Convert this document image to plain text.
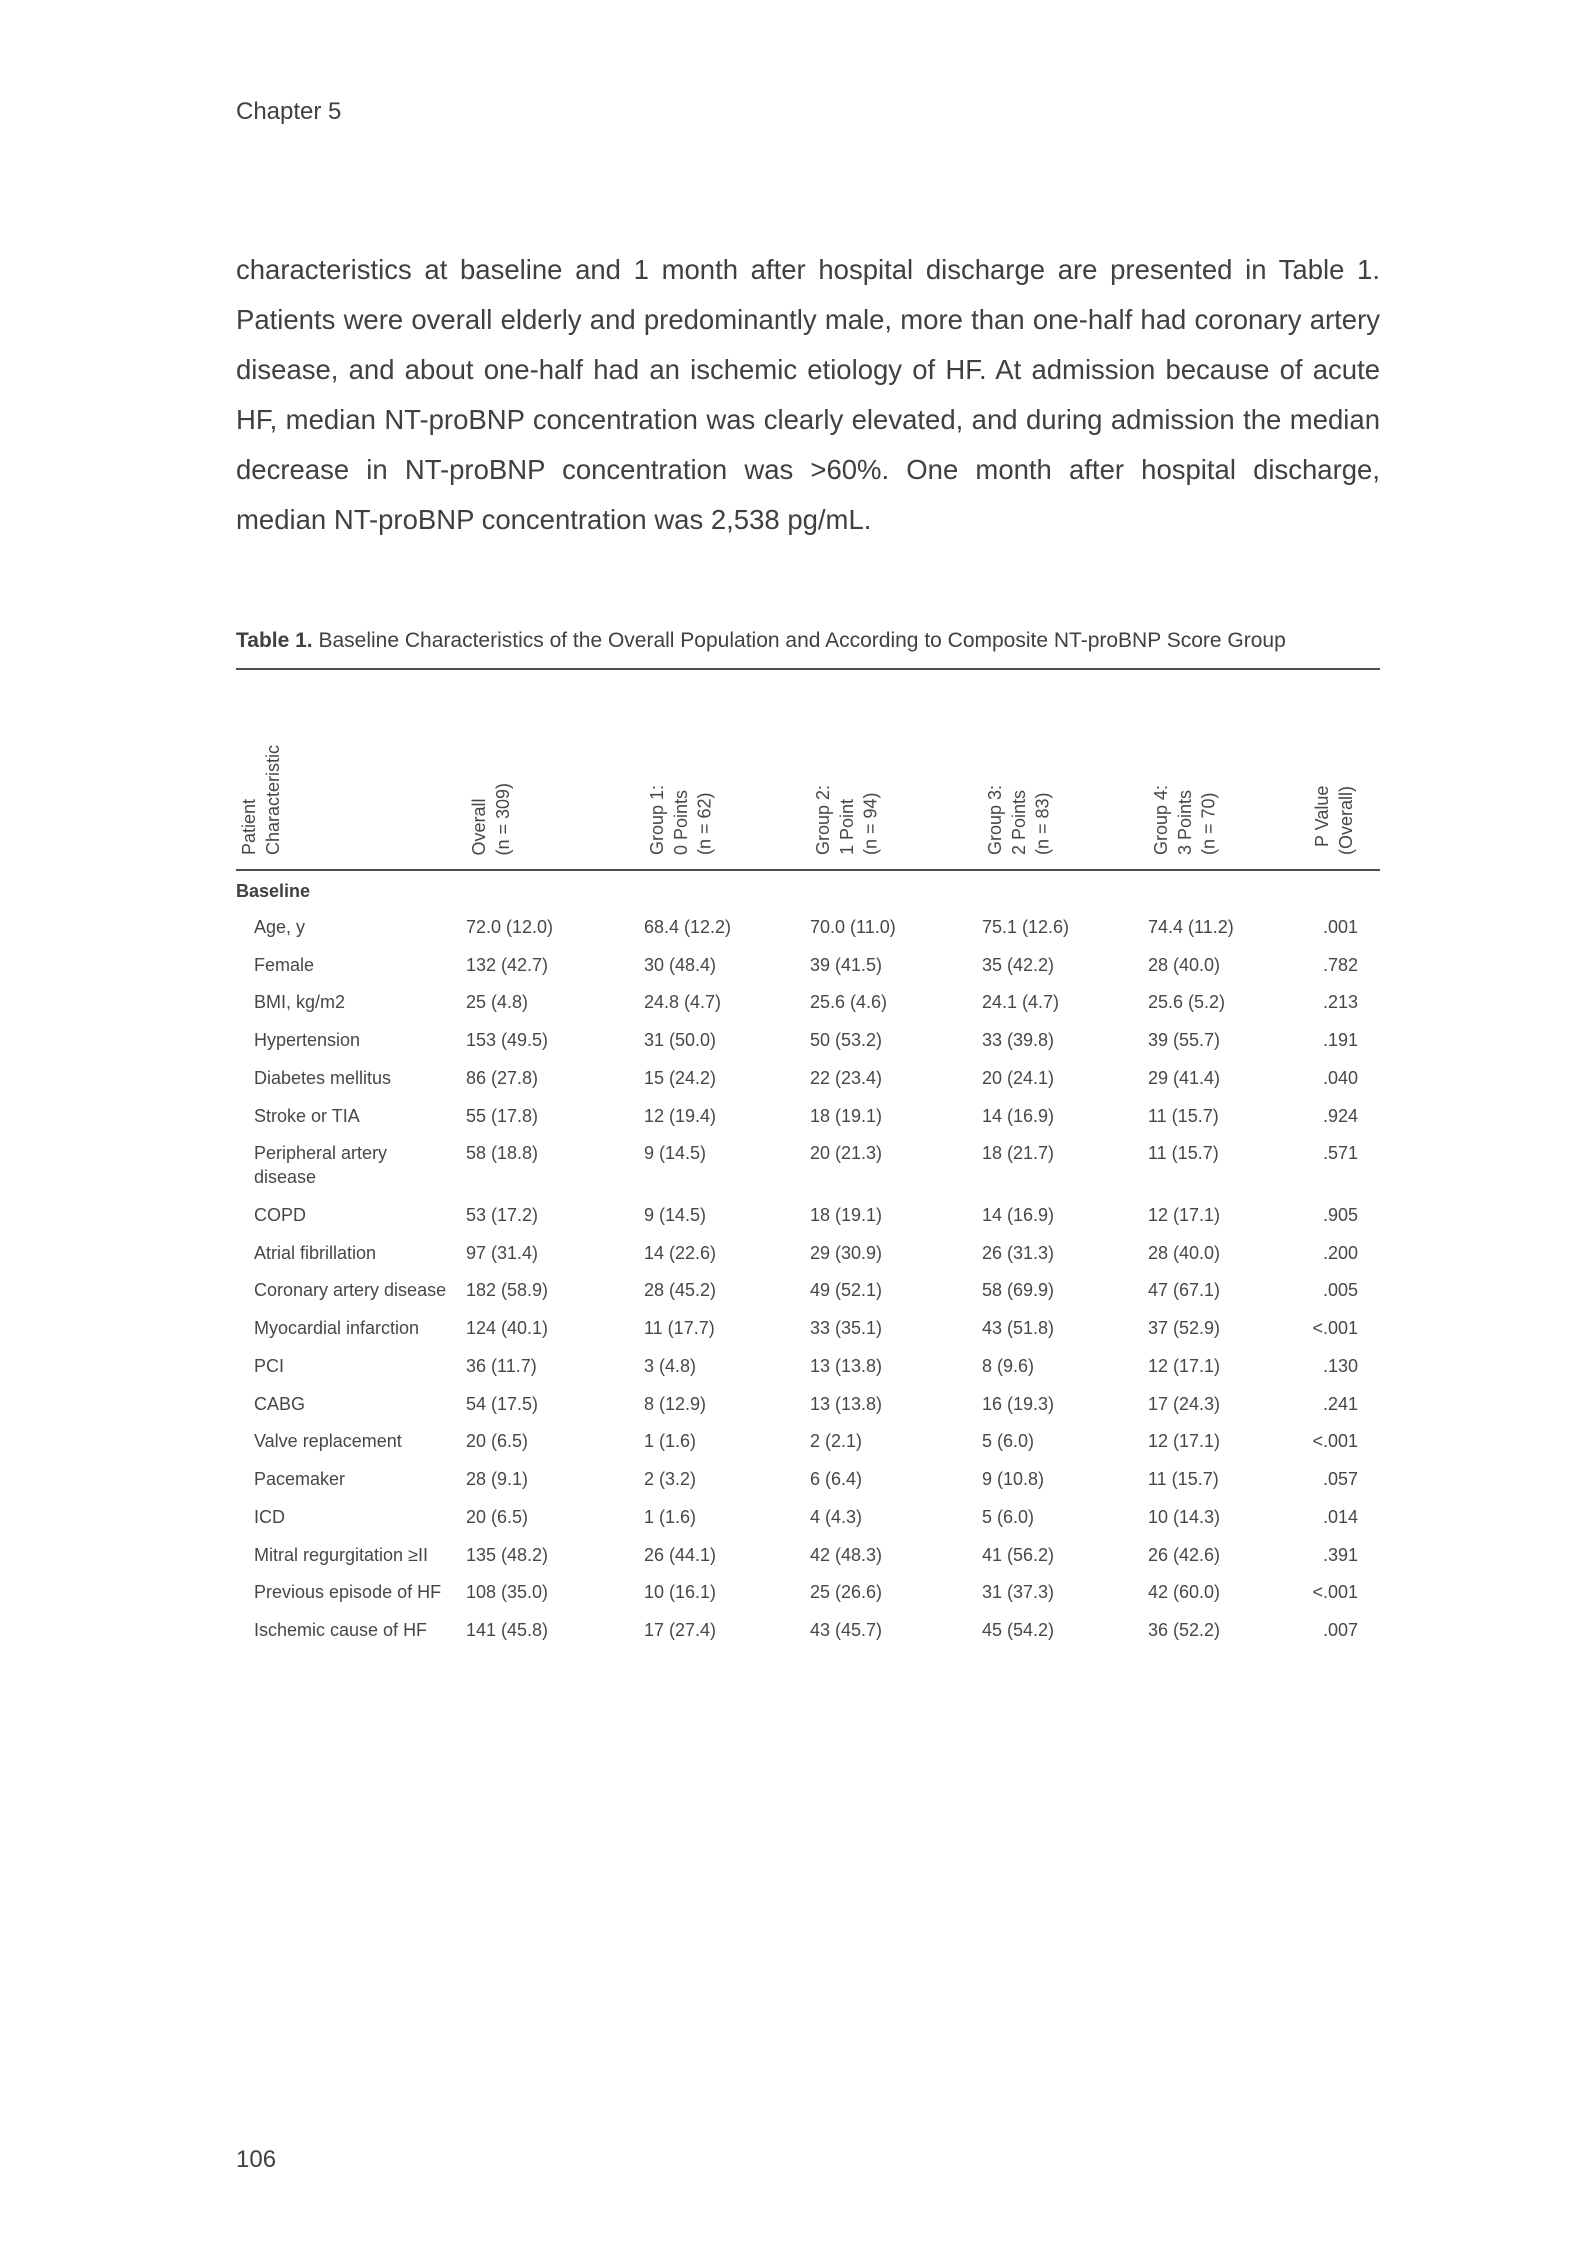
Chapter 5

characteristics at baseline and 1 month after hospital discharge are presented in Table 1. Patients were overall elderly and predominantly male, more than one-half had coronary artery disease, and about one-half had an ischemic etiology of HF. At admission because of acute HF, median NT-proBNP concentration was clearly elevated, and during admission the median decrease in NT-proBNP concentration was >60%. One month after hospital discharge, median NT-proBNP concentration was 2,538 pg/mL.

Table 1. Baseline Characteristics of the Overall Population and According to Composite NT-proBNP Score Group

Patient Characteristic	Overall (n = 309)	Group 1: 0 Points (n = 62)	Group 2: 1 Point (n = 94)	Group 3: 2 Points (n = 83)	Group 4: 3 Points (n = 70)	P Value (Overall)

Baseline						
Age, y	72.0 (12.0)	68.4 (12.2)	70.0 (11.0)	75.1 (12.6)	74.4 (11.2)	.001
Female	132 (42.7)	30 (48.4)	39 (41.5)	35 (42.2)	28 (40.0)	.782
BMI, kg/m2	25 (4.8)	24.8 (4.7)	25.6 (4.6)	24.1 (4.7)	25.6 (5.2)	.213
Hypertension	153 (49.5)	31 (50.0)	50 (53.2)	33 (39.8)	39 (55.7)	.191
Diabetes mellitus	86 (27.8)	15 (24.2)	22 (23.4)	20 (24.1)	29 (41.4)	.040
Stroke or TIA	55 (17.8)	12 (19.4)	18 (19.1)	14 (16.9)	11 (15.7)	.924
Peripheral artery disease	58 (18.8)	9 (14.5)	20 (21.3)	18 (21.7)	11 (15.7)	.571
COPD	53 (17.2)	9 (14.5)	18 (19.1)	14 (16.9)	12 (17.1)	.905
Atrial fibrillation	97 (31.4)	14 (22.6)	29 (30.9)	26 (31.3)	28 (40.0)	.200
Coronary artery disease	182 (58.9)	28 (45.2)	49 (52.1)	58 (69.9)	47 (67.1)	.005
Myocardial infarction	124 (40.1)	11 (17.7)	33 (35.1)	43 (51.8)	37 (52.9)	<.001
PCI	36 (11.7)	3 (4.8)	13 (13.8)	8 (9.6)	12 (17.1)	.130
CABG	54 (17.5)	8 (12.9)	13 (13.8)	16 (19.3)	17 (24.3)	.241
Valve replacement	20 (6.5)	1 (1.6)	2 (2.1)	5 (6.0)	12 (17.1)	<.001
Pacemaker	28 (9.1)	2 (3.2)	6 (6.4)	9 (10.8)	11 (15.7)	.057
ICD	20 (6.5)	1 (1.6)	4 (4.3)	5 (6.0)	10 (14.3)	.014
Mitral regurgitation ≥II	135 (48.2)	26 (44.1)	42 (48.3)	41 (56.2)	26 (42.6)	.391
Previous episode of HF	108 (35.0)	10 (16.1)	25 (26.6)	31 (37.3)	42 (60.0)	<.001
Ischemic cause of HF	141 (45.8)	17 (27.4)	43 (45.7)	45 (54.2)	36 (52.2)	.007
106
